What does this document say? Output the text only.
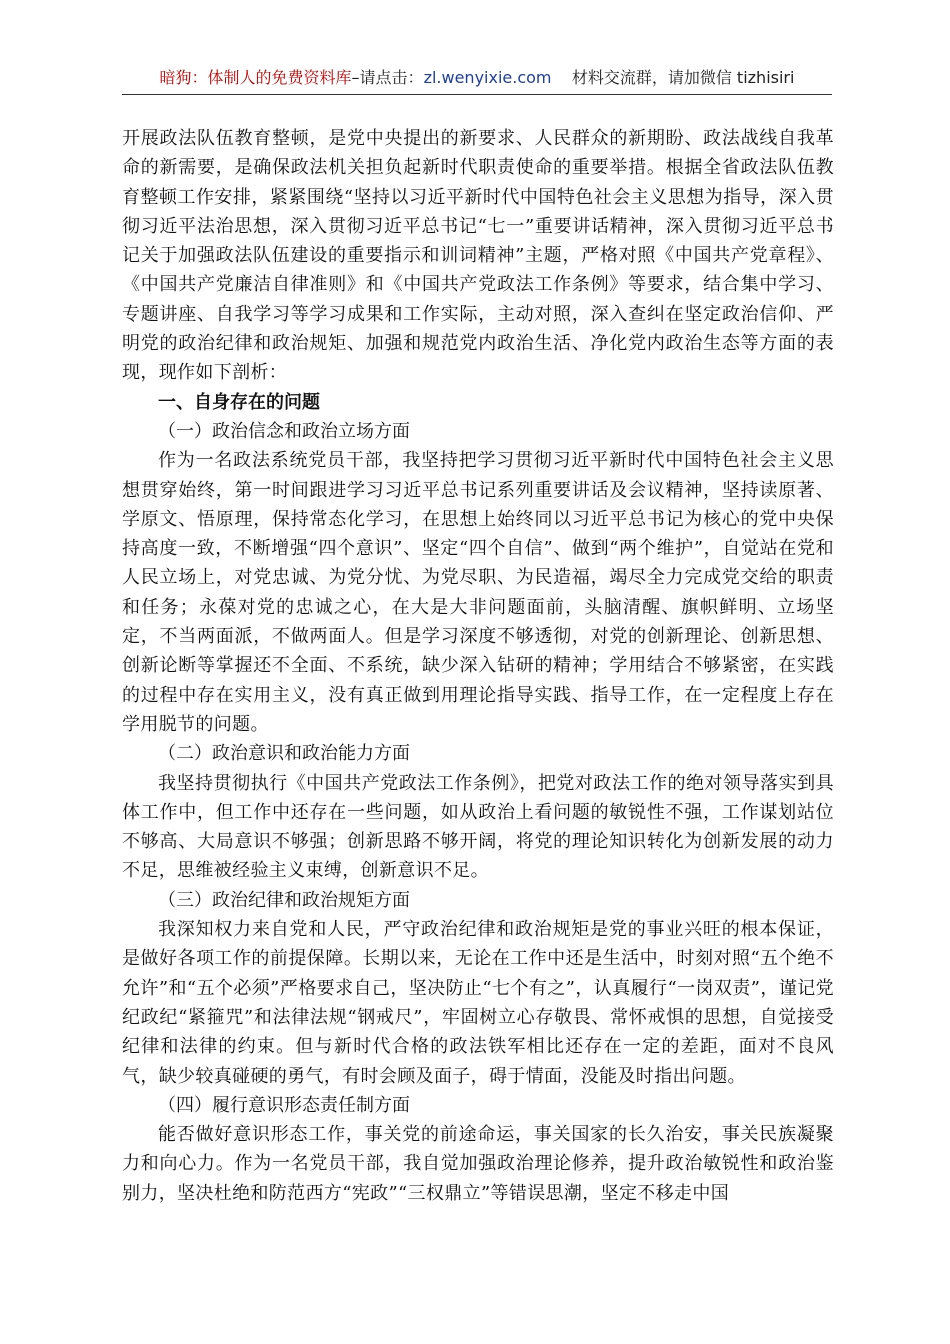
暗狗：体制人的免费资料库–请点击：zl.wenyixie.com 材料交流群，请加微信 tizhisiri

开展政法队伍教育整顿，是党中央提出的新要求、人民群众的新期盼、政法战线自我革命的新需要，是确保政法机关担负起新时代职责使命的重要举措。根据全省政法队伍教育整顿工作安排，紧紧围绕“坚持以习近平新时代中国特色社会主义思想为指导，深入贯彻习近平法治思想，深入贯彻习近平总书记“七一”重要讲话精神，深入贯彻习近平总书记关于加强政法队伍建设的重要指示和训词精神”主题，严格对照《中国共产党章程》、《中国共产党廉洁自律准则》和《中国共产党政法工作条例》等要求，结合集中学习、专题讲座、自我学习等学习成果和工作实际，主动对照，深入查纠在坚定政治信仰、严明党的政治纪律和政治规矩、加强和规范党内政治生活、净化党内政治生态等方面的表现，现作如下剖析：

一、自身存在的问题

（一）政治信念和政治立场方面

作为一名政法系统党员干部，我坚持把学习贯彻习近平新时代中国特色社会主义思想贯穿始终，第一时间跟进学习习近平总书记系列重要讲话及会议精神，坚持读原著、学原文、悟原理，保持常态化学习，在思想上始终同以习近平总书记为核心的党中央保持高度一致，不断增强“四个意识”、坚定“四个自信”、做到“两个维护”，自觉站在党和人民立场上，对党忠诚、为党分忧、为党尽职、为民造福，竭尽全力完成党交给的职责和任务；永葆对党的忠诚之心，在大是大非问题面前，头脑清醒、旗帜鲜明、立场坚定，不当两面派，不做两面人。但是学习深度不够透彻，对党的创新理论、创新思想、创新论断等掌握还不全面、不系统，缺少深入钻研的精神；学用结合不够紧密，在实践的过程中存在实用主义，没有真正做到用理论指导实践、指导工作，在一定程度上存在学用脱节的问题。

（二）政治意识和政治能力方面

我坚持贯彻执行《中国共产党政法工作条例》，把党对政法工作的绝对领导落实到具体工作中，但工作中还存在一些问题，如从政治上看问题的敏锐性不强，工作谋划站位不够高、大局意识不够强；创新思路不够开阔，将党的理论知识转化为创新发展的动力不足，思维被经验主义束缚，创新意识不足。

（三）政治纪律和政治规矩方面

我深知权力来自党和人民，严守政治纪律和政治规矩是党的事业兴旺的根本保证，是做好各项工作的前提保障。长期以来，无论在工作中还是生活中，时刻对照“五个绝不允许”和“五个必须”严格要求自己，坚决防止“七个有之”，认真履行“一岗双责”，谨记党纪政纪“紧箍咒”和法律法规“钢戒尺”，牢固树立心存敬畏、常怀戒惧的思想，自觉接受纪律和法律的约束。但与新时代合格的政法铁军相比还存在一定的差距，面对不良风气，缺少较真碰硬的勇气，有时会顾及面子，碍于情面，没能及时指出问题。

（四）履行意识形态责任制方面

能否做好意识形态工作，事关党的前途命运，事关国家的长久治安，事关民族凝聚力和向心力。作为一名党员干部，我自觉加强政治理论修养，提升政治敏锐性和政治鉴别力，坚决杜绝和防范西方“宪政”“三权鼎立”等错误思潮，坚定不移走中国
